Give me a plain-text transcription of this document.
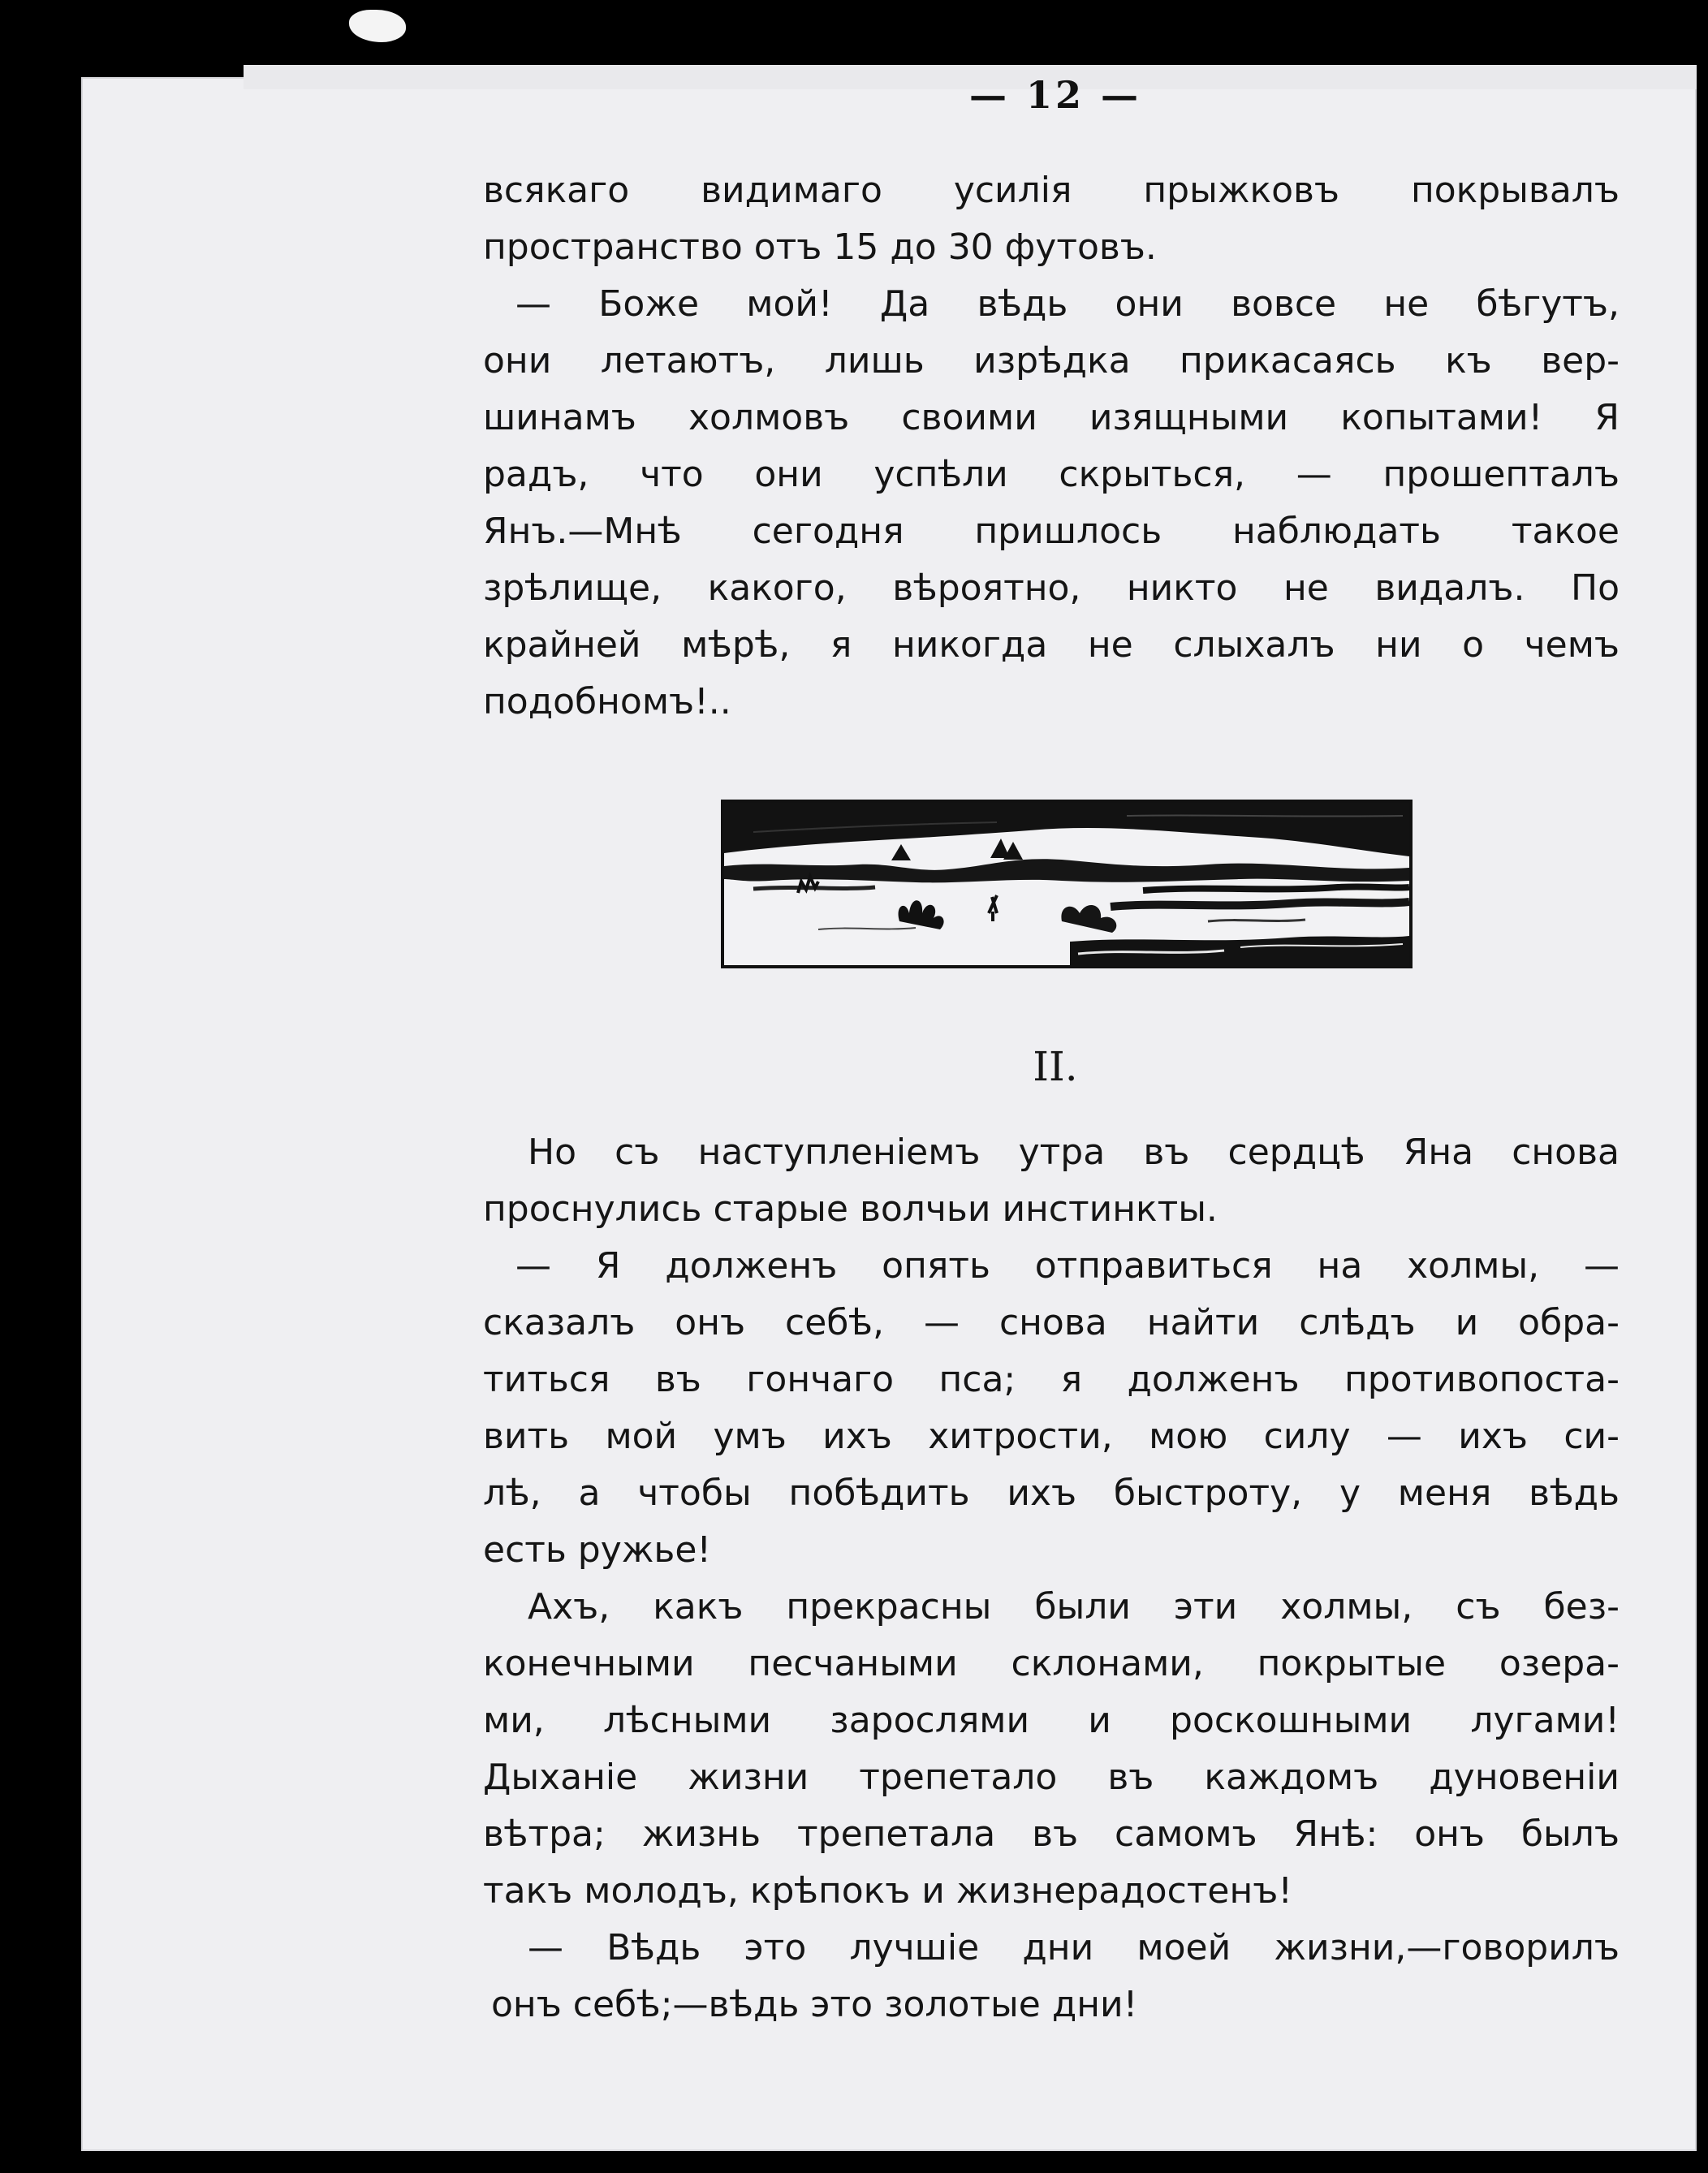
— 12 —
всякаго видимаго усилія прыжковъ покрывалъ
пространство отъ 15 до 30 футовъ.
— Боже мой! Да вѣдь они вовсе не бѣгутъ,
они летаютъ, лишь изрѣдка прикасаясь къ вер-
шинамъ холмовъ своими изящными копытами! Я
радъ, что они успѣли скрыться, — прошепталъ
Янъ.—Мнѣ сегодня пришлось наблюдать такое
зрѣлище, какого, вѣроятно, никто не видалъ. По
крайней мѣрѣ, я никогда не слыхалъ ни о чемъ
подобномъ!..
II.
Но съ наступленіемъ утра въ сердцѣ Яна снова
проснулись старые волчьи инстинкты.
— Я долженъ опять отправиться на холмы, —
сказалъ онъ себѣ, — снова найти слѣдъ и обра-
титься въ гончаго пса; я долженъ противопоста-
вить мой умъ ихъ хитрости, мою силу — ихъ си-
лѣ, а чтобы побѣдить ихъ быстроту, у меня вѣдь
есть ружье!
Ахъ, какъ прекрасны были эти холмы, съ без-
конечными песчаными склонами, покрытые озера-
ми, лѣсными зарослями и роскошными лугами!
Дыханіе жизни трепетало въ каждомъ дуновеніи
вѣтра; жизнь трепетала въ самомъ Янѣ: онъ былъ
такъ молодъ, крѣпокъ и жизнерадостенъ!
— Вѣдь это лучшіе дни моей жизни,—говорилъ
онъ себѣ;—вѣдь это золотые дни!
